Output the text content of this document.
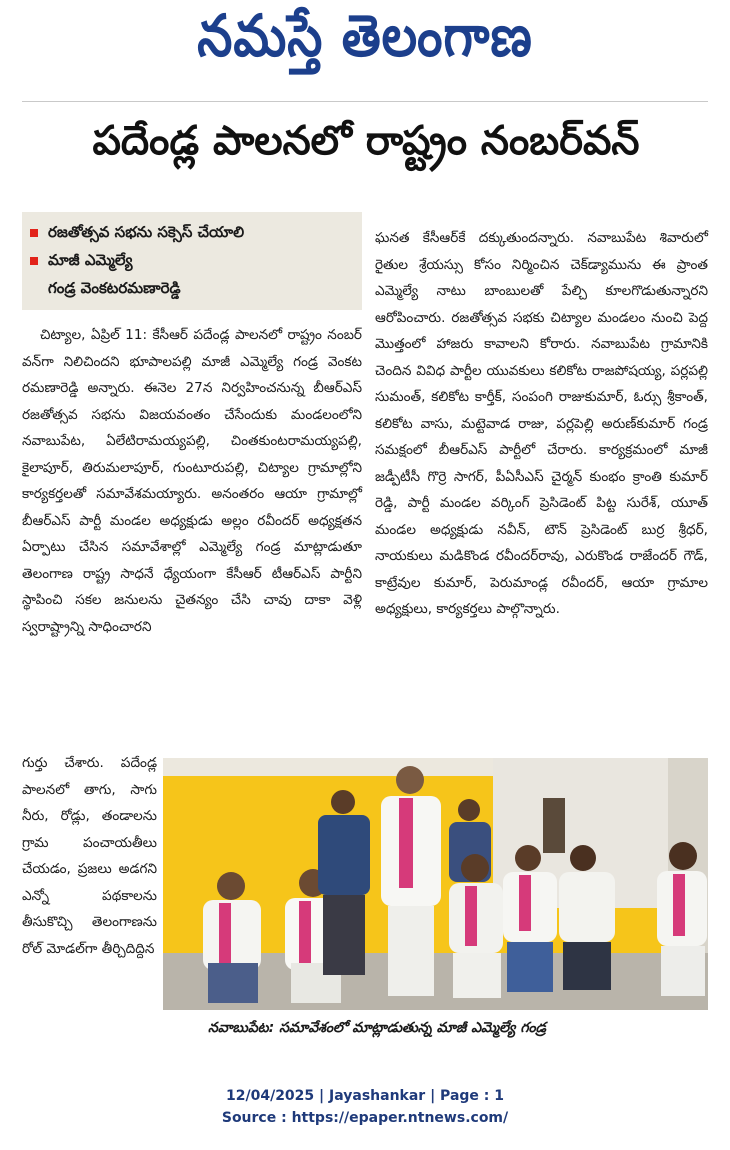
నమస్తే తెలంగాణ
పదేండ్ల పాలనలో రాష్ట్రం నంబర్‌వన్
రజతోత్సవ సభను సక్సెస్‌ చేయాలి
మాజీ ఎమ్మెల్యే
గండ్ర వెంకటరమణారెడ్డి
చిట్యాల, ఏప్రిల్‌ 11: కేసీఆర్‌ పదేండ్ల పాలనలో రాష్ట్రం నంబర్‌ వన్‌గా నిలిచిందని భూపాలపల్లి మాజీ ఎమ్మెల్యే గండ్ర వెంకట రమణారెడ్డి అన్నారు. ఈనెల 27న నిర్వహించనున్న బీఆర్‌ఎస్‌ రజతోత్సవ సభను విజయవంతం చేసేందుకు మండలంలోని నవాబుపేట, ఏలేటిరామయ్యపల్లి, చింతకుంటరామయ్యపల్లి, కైలాపూర్‌, తిరుమలాపూర్‌, గుంటూరుపల్లి, చిట్యాల గ్రామాల్లోని కార్యకర్తలతో సమావేశమయ్యారు. అనంతరం ఆయా గ్రామాల్లో బీఆర్‌ఎస్‌ పార్టీ మండల అధ్యక్షుడు అల్లం రవీందర్‌ అధ్యక్షతన ఏర్పాటు చేసిన సమావేశాల్లో ఎమ్మెల్యే గండ్ర మాట్లాడుతూ తెలంగాణ రాష్ట్ర సాధనే ధ్యేయంగా కేసీఆర్‌ టీఆర్‌ఎస్‌ పార్టీని స్థాపించి సకల జనులను చైతన్యం చేసి చావు దాకా వెళ్లి స్వరాష్ట్రాన్ని సాధించారని
గుర్తు చేశారు. పదేండ్ల పాలనలో తాగు, సాగు నీరు, రోడ్లు, తండాలను గ్రామ పంచాయతీలు చేయడం, ప్రజలు అడగని ఎన్నో పథకాలను తీసుకొచ్చి తెలంగాణను రోల్‌ మోడల్‌గా తీర్చిదిద్దిన
ఘనత కేసీఆర్‌కే దక్కుతుందన్నారు. నవాబుపేట శివారులో రైతుల శ్రేయస్సు కోసం నిర్మించిన చెక్‌డ్యామును ఈ ప్రాంత ఎమ్మెల్యే నాటు బాంబులతో పేల్చి కూలగొడుతున్నారని ఆరోపించారు. రజతోత్సవ సభకు చిట్యాల మండలం నుంచి పెద్ద మొత్తంలో హాజరు కావాలని కోరారు. నవాబుపేట గ్రామానికి చెందిన వివిధ పార్టీల యువకులు కలికోట రాజపోషయ్య, పర్లపల్లి సుమంత్‌, కలికోట కార్తీక్‌, సంపంగి రాజుకుమార్‌, ఓర్సు శ్రీకాంత్‌, కలికోట వాసు, మట్టెవాడ రాజు, పర్లపెల్లి అరుణ్‌కుమార్‌ గండ్ర సమక్షంలో బీఆర్‌ఎస్‌ పార్టీలో చేరారు. కార్యక్రమంలో మాజీ జడ్పీటీసీ గొర్రె సాగర్‌, పీఏసీఎస్‌ చైర్మన్‌ కుంభం క్రాంతి కుమార్‌ రెడ్డి, పార్టీ మండల వర్కింగ్‌ ప్రెసిడెంట్‌ పిట్ట సురేశ్‌, యూత్‌ మండల అధ్యక్షుడు నవీన్‌, టౌన్‌ ప్రెసిడెంట్‌ బుర్ర శ్రీధర్‌, నాయకులు మడికొండ రవీందర్‌రావు, ఎరుకొండ రాజేందర్‌ గౌడ్‌, కాట్రేవుల కుమార్‌, పెరుమాండ్ల రవీందర్‌, ఆయా గ్రామాల అధ్యక్షులు, కార్యకర్తలు పాల్గొన్నారు.
నవాబుపేట: సమావేశంలో మాట్లాడుతున్న మాజీ ఎమ్మెల్యే గండ్ర
12/04/2025 | Jayashankar | Page : 1
Source : https://epaper.ntnews.com/
